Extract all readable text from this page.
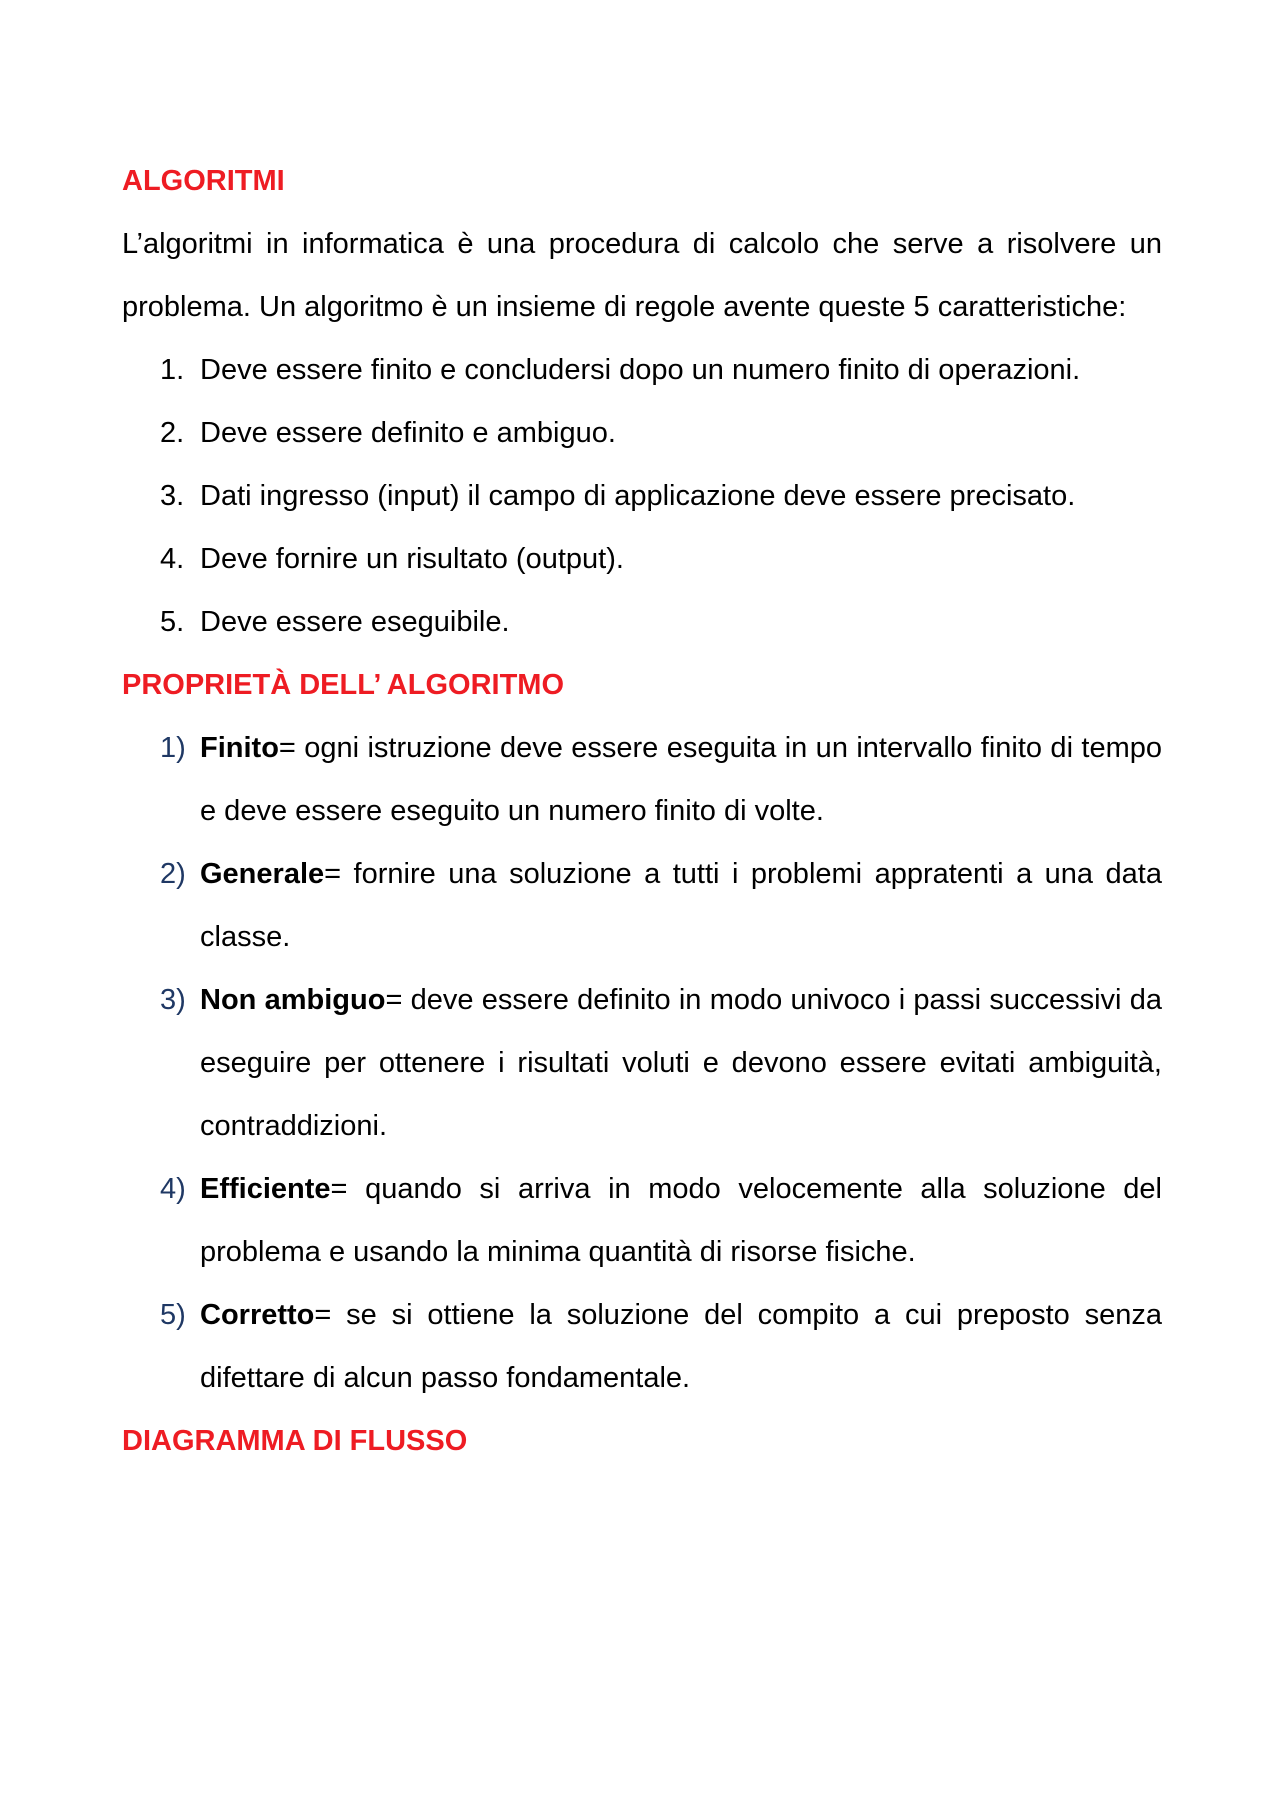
ALGORITMI

L’algoritmi in informatica è una procedura di calcolo che serve a risolvere un problema. Un algoritmo è un insieme di regole avente queste 5 caratteristiche:

1. Deve essere finito e concludersi dopo un numero finito di operazioni.
2. Deve essere definito e ambiguo.
3. Dati ingresso (input) il campo di applicazione deve essere precisato.
4. Deve fornire un risultato (output).
5. Deve essere eseguibile.
PROPRIETÀ DELL’ ALGORITMO
1) Finito= ogni istruzione deve essere eseguita in un intervallo finito di tempo e deve essere eseguito un numero finito di volte.
2) Generale= fornire una soluzione a tutti i problemi appratenti a una data classe.
3) Non ambiguo= deve essere definito in modo univoco i passi successivi da eseguire per ottenere i risultati voluti e devono essere evitati ambiguità, contraddizioni.
4) Efficiente= quando si arriva in modo velocemente alla soluzione del problema e usando la minima quantità di risorse fisiche.
5) Corretto= se si ottiene la soluzione del compito a cui preposto senza difettare di alcun passo fondamentale.
DIAGRAMMA DI FLUSSO
